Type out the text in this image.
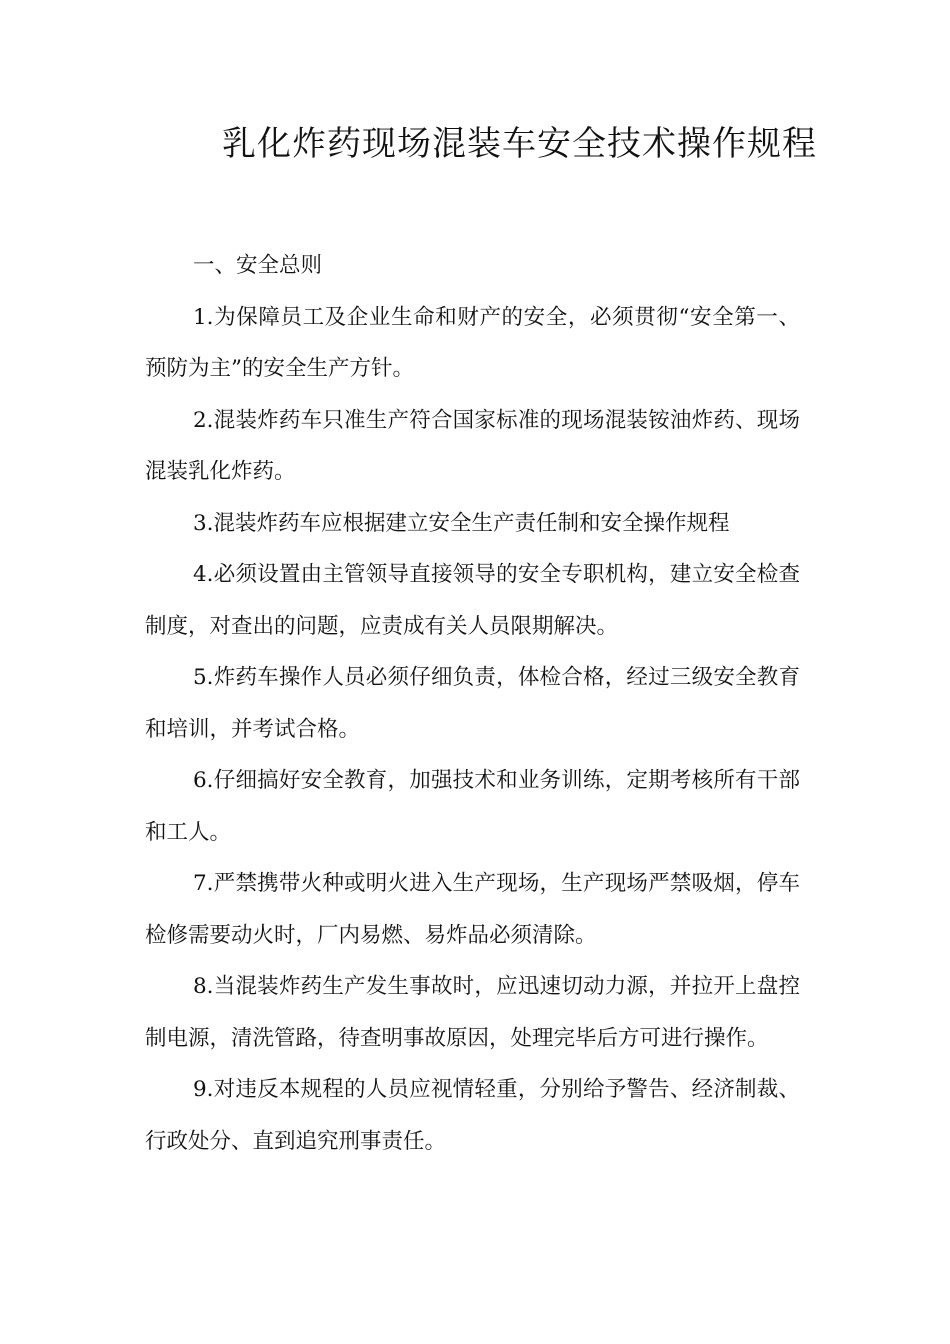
乳化炸药现场混装车安全技术操作规程
一、安全总则

1.为保障员工及企业生命和财产的安全，必须贯彻“安全第一、预防为主”的安全生产方针。

2.混装炸药车只准生产符合国家标准的现场混装铵油炸药、现场混装乳化炸药。

3.混装炸药车应根据建立安全生产责任制和安全操作规程

4.必须设置由主管领导直接领导的安全专职机构，建立安全检查制度，对查出的问题，应责成有关人员限期解决。

5.炸药车操作人员必须仔细负责，体检合格，经过三级安全教育和培训，并考试合格。

6.仔细搞好安全教育，加强技术和业务训练，定期考核所有干部和工人。

7.严禁携带火种或明火进入生产现场，生产现场严禁吸烟，停车检修需要动火时，厂内易燃、易炸品必须清除。

8.当混装炸药生产发生事故时，应迅速切动力源，并拉开上盘控制电源，清洗管路，待查明事故原因，处理完毕后方可进行操作。

9.对违反本规程的人员应视情轻重，分别给予警告、经济制裁、行政处分、直到追究刑事责任。
